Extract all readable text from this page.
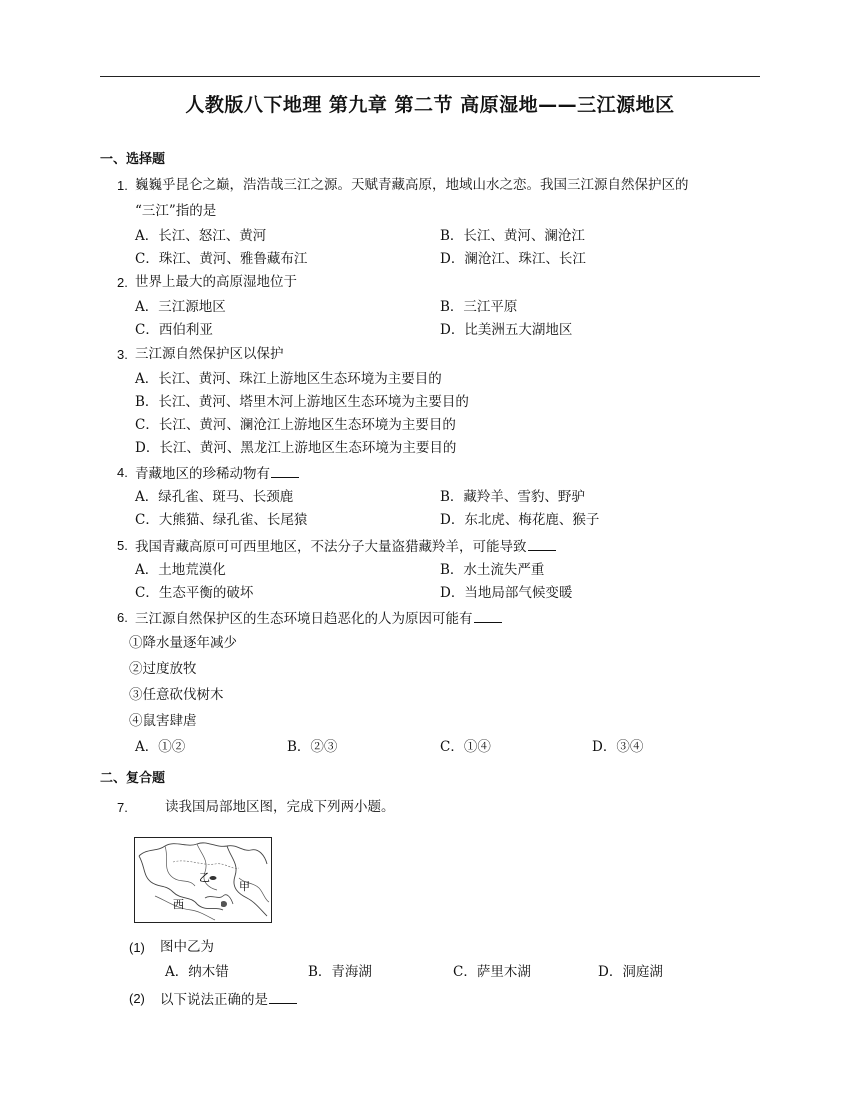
人教版八下地理 第九章 第二节 高原湿地——三江源地区
一、选择题
1. 巍巍乎昆仑之巅，浩浩哉三江之源。天赋青藏高原，地域山水之恋。我国三江源自然保护区的
“三江”指的是
A．长江、怒江、黄河	B．长江、黄河、澜沧江
C．珠江、黄河、雅鲁藏布江	D．澜沧江、珠江、长江
2. 世界上最大的高原湿地位于
A．三江源地区	B．三江平原
C．西伯利亚	D．比美洲五大湖地区
3. 三江源自然保护区以保护
A．长江、黄河、珠江上游地区生态环境为主要目的
B．长江、黄河、塔里木河上游地区生态环境为主要目的
C．长江、黄河、澜沧江上游地区生态环境为主要目的
D．长江、黄河、黑龙江上游地区生态环境为主要目的
4. 青藏地区的珍稀动物有
A．绿孔雀、斑马、长颈鹿	B．藏羚羊、雪豹、野驴
C．大熊猫、绿孔雀、长尾猿	D．东北虎、梅花鹿、猴子
5. 我国青藏高原可可西里地区，不法分子大量盗猎藏羚羊，可能导致
A．土地荒漠化	B．水土流失严重
C．生态平衡的破坏	D．当地局部气候变暖
6. 三江源自然保护区的生态环境日趋恶化的人为原因可能有
①降水量逐年减少
②过度放牧
③任意砍伐树木
④鼠害肆虐
A．①②	B．②③	C．①④	D．③④
二、复合题
7.	读我国局部地区图，完成下列两小题。
乙
甲
西
(1) 图中乙为
A．纳木错	B．青海湖	C．萨里木湖	D．洞庭湖
(2) 以下说法正确的是
